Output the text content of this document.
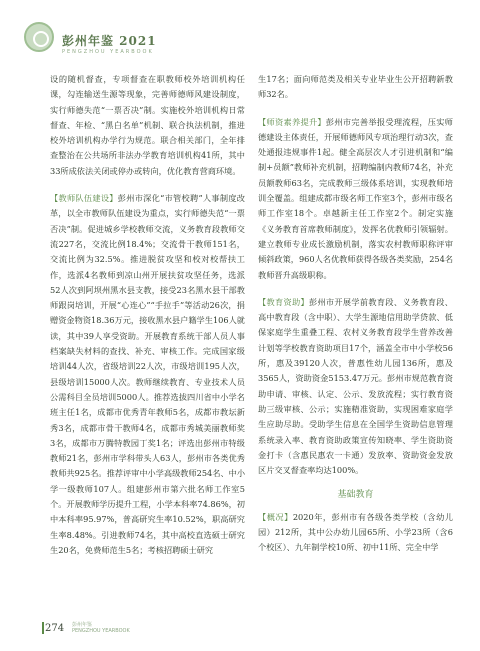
彭州年鉴 2021
PENGZHOU YEARBOOK

设的随机督查，专项督查在职教师校外培训机构任课，勾连输送生源等现象，完善师德师风建设制度，实行师德失范“一票否决”制。实施校外培训机构日常督查、年检、“黑白名单”机制、联合执法机制，推进校外培训机构办学行为规范。联合相关部门，全年排查整治在公共场所非法办学教育培训机构41所，其中33所成依法关闭或停办或转向，优化教育营商环境。

【教师队伍建设】彭州市深化“市管校聘”人事制度改革，以全市教师队伍建设为重点，实行师德失范“一票否决”制。促进城乡学校教师交流，义务教育段教师交流227名，交流比例18.4%；交流骨干教师151名，交流比例为32.5%。推进脱贫攻坚和校对校帮扶工作，选派4名教师到凉山州开展扶贫攻坚任务，选派52人次到阿坝州黑水县支教，接受23名黑水县干部教师跟岗培训，开展“心连心”“手拉手”等活动26次，捐赠资金物资18.36万元，接收黑水县户籍学生106人就读，其中39人享受资助。开展教育系统干部人员人事档案缺失材料的查找、补充、审核工作。完成国家级培训44人次，省级培训22人次，市级培训195人次，县级培训15000人次。教师继续教育、专业技术人员公需科目全员培训5000人。推荐选拔四川省中小学名班主任1名，成都市优秀青年教师5名，成都市教坛新秀3名，成都市骨干教师4名，成都市秀城美丽教师奖3名，成都市万腾特教园丁奖1名；评选出彭州市特级教师21名，彭州市学科带头人63人，彭州市各类优秀教师共925名。推荐评审中小学高级教师254名、中小学一级教师107人。组建彭州市第六批名师工作室5个。开展教师学历提升工程，小学本科率74.86%，初中本科率95.97%，普高研究生率10.52%，职高研究生率8.48%。引进教师74名，其中高校直选硕士研究生20名，免费师范生5名；考核招聘硕士研究

生17名；面向师范类及相关专业毕业生公开招聘新教师32名。

【师资素养提升】彭州市完善举报受理流程，压实师德建设主体责任，开展师德师风专项治理行动3次，查处通报违规事件1起。健全高层次人才引进机制和“编制+员额”教师补充机制，招聘编制内教师74名，补充员额教师63名，完成教师三级体系培训，实现教师培训全覆盖。组建成都市级名师工作室3个，彭州市级名师工作室18个。卓越新主任工作室2个。制定实施《义务教育首席教师制度》，发挥名优教师引领辐射。建立教师专业成长激励机制，落实农村教师职称评审倾斜政策，960人名优教师获得各级各类奖励，254名教师晋升高级职称。

【教育资助】彭州市开展学前教育段、义务教育段、高中教育段（含中职）、大学生源地信用助学贷款、低保家庭学生重叠工程、农村义务教育段学生营养改善计划等学校教育资助项目17个，涵盖全市中小学校56所，惠及39120人次，普惠性幼儿园136所，惠及3565人，资助资金5153.47万元。彭州市规范教育资助申请、审核、认定、公示、发放流程；实行教育资助三级审核、公示；实施精准资助，实现困难家庭学生应助尽助。受助学生信息在全国学生资助信息管理系统录入率、教育资助政策宣传知晓率、学生资助资金打卡（含惠民惠农一卡通）发放率、资助资金发放区片交叉督查率均达100%。

基础教育

【概况】2020年，彭州市有各级各类学校（含幼儿园）212所，其中公办幼儿园65所、小学23所（含6个校区）、九年制学校10所、初中11所、完全中学

274 彭州年鉴
PENGZHOU YEARBOOK
